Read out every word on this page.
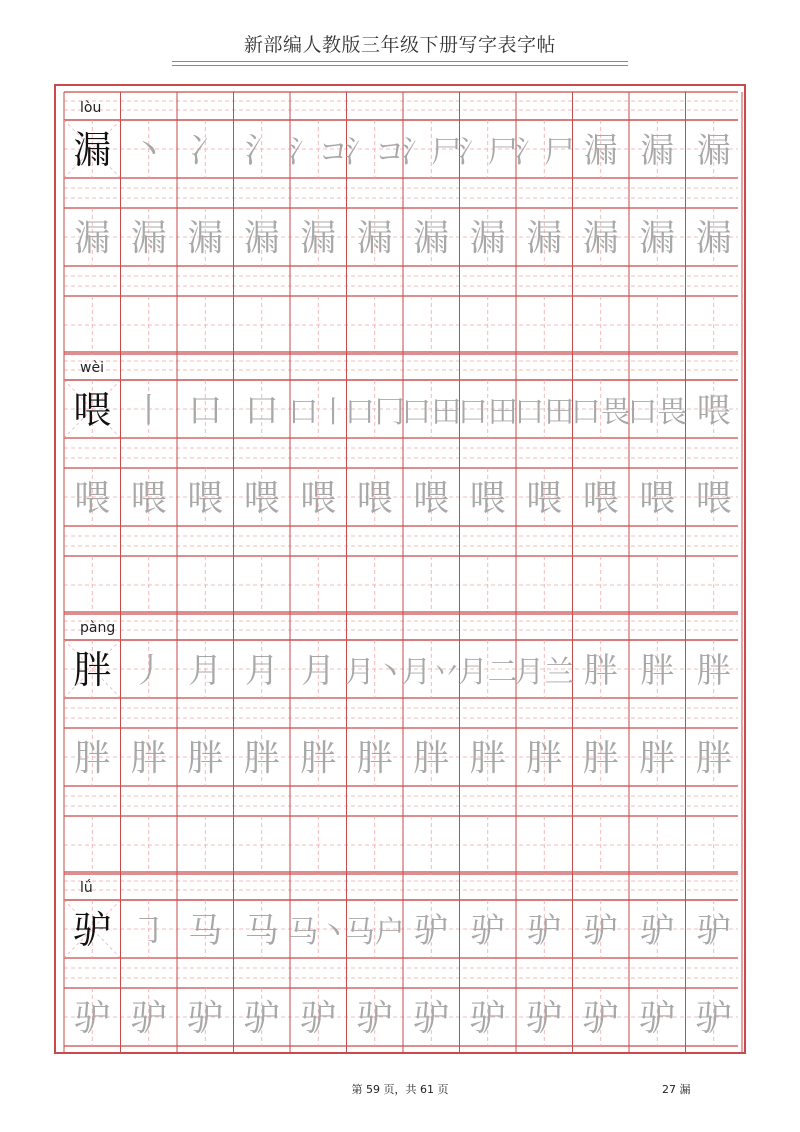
新部编人教版三年级下册写字表字帖
lòu
漏 丶 冫 氵 氵コ
氵コ
氵尸
氵尸
氵尸 漏 漏 漏
漏 漏 漏 漏 漏 漏 漏 漏 漏 漏 漏 漏
wèi
喂 丨 口 口 口丨
口冂
口田
口田
口田
口畏
口畏 喂
喂 喂 喂 喂 喂 喂 喂 喂 喂 喂 喂 喂
pàng
胖 丿 月 月 月 月丶
月丷
月二
月兰 胖 胖 胖
胖 胖 胖 胖 胖 胖 胖 胖 胖 胖 胖 胖
lǘ
驴 ㇆ 马 马 马丶
马户 驴 驴 驴 驴 驴 驴
驴 驴 驴 驴 驴 驴 驴 驴 驴 驴 驴 驴
第 59 页，共 61 页	27 漏
